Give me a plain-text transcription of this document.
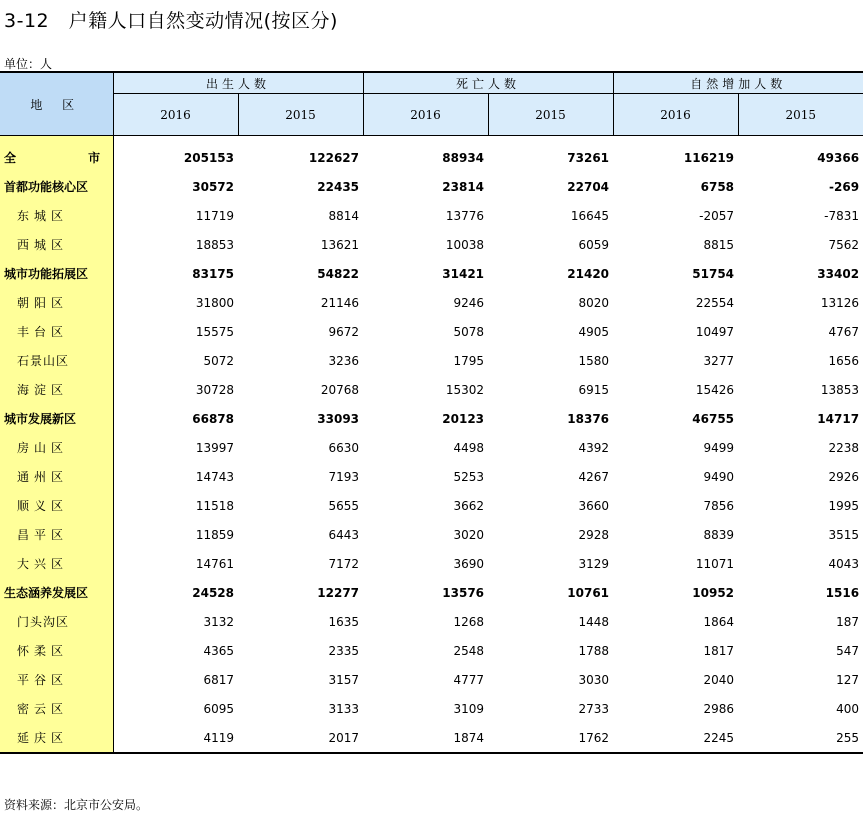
3-12　户籍人口自然变动情况(按区分)
单位：人
地 区	出生人数		死亡人数		自然增加人数	
	2016	2015	2016	2015	2016	2015

全 市	205153	122627	88934	73261	116219	49366
首都功能核心区	30572	22435	23814	22704	6758	-269
东城区	11719	8814	13776	16645	-2057	-7831
西城区	18853	13621	10038	6059	8815	7562
城市功能拓展区	83175	54822	31421	21420	51754	33402
朝阳区	31800	21146	9246	8020	22554	13126
丰台区	15575	9672	5078	4905	10497	4767
石景山区	5072	3236	1795	1580	3277	1656
海淀区	30728	20768	15302	6915	15426	13853
城市发展新区	66878	33093	20123	18376	46755	14717
房山区	13997	6630	4498	4392	9499	2238
通州区	14743	7193	5253	4267	9490	2926
顺义区	11518	5655	3662	3660	7856	1995
昌平区	11859	6443	3020	2928	8839	3515
大兴区	14761	7172	3690	3129	11071	4043
生态涵养发展区	24528	12277	13576	10761	10952	1516
门头沟区	3132	1635	1268	1448	1864	187
怀柔区	4365	2335	2548	1788	1817	547
平谷区	6817	3157	4777	3030	2040	127
密云区	6095	3133	3109	2733	2986	400
延庆区	4119	2017	1874	1762	2245	255
资料来源：北京市公安局。
